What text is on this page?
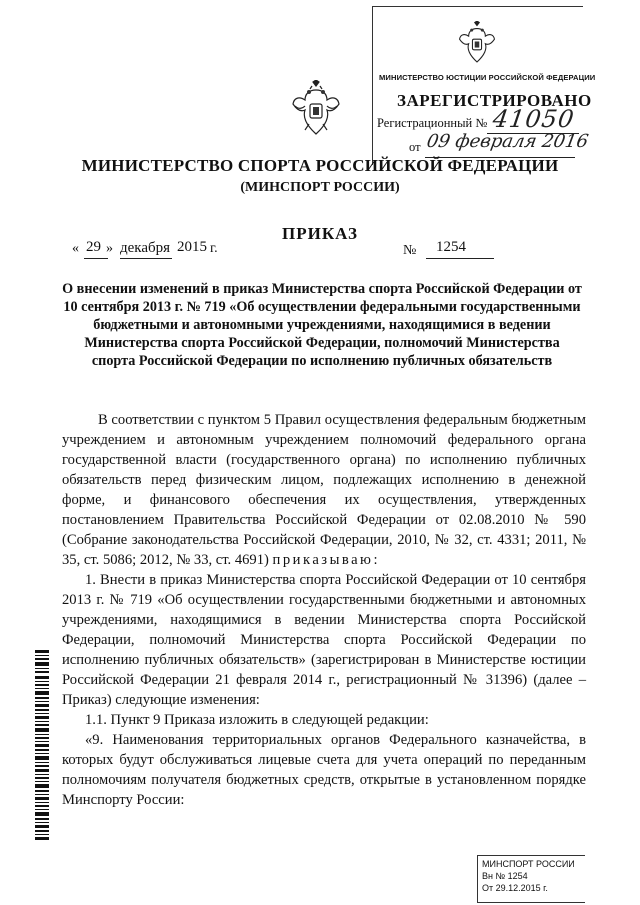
МИНИСТЕРСТВО ЮСТИЦИИ РОССИЙСКОЙ ФЕДЕРАЦИИ
ЗАРЕГИСТРИРОВАНО
Регистрационный № 41050
от 09 февраля 2016
МИНИСТЕРСТВО СПОРТА РОССИЙСКОЙ ФЕДЕРАЦИИ
(МИНСПОРТ РОССИИ)
ПРИКАЗ
« 29 » декабря 2015 г.	№ 1254
О внесении изменений в приказ Министерства спорта Российской Федерации от 10 сентября 2013 г. № 719 «Об осуществлении федеральными государственными бюджетными и автономными учреждениями, находящимися в ведении Министерства спорта Российской Федерации, полномочий Министерства спорта Российской Федерации по исполнению публичных обязательств

В соответствии с пунктом 5 Правил осуществления федеральным бюджетным учреждением и автономным учреждением полномочий федерального органа государственной власти (государственного органа) по исполнению публичных обязательств перед физическим лицом, подлежащих исполнению в денежной форме, и финансового обеспечения их осуществления, утвержденных постановлением Правительства Российской Федерации от 02.08.2010 № 590 (Собрание законодательства Российской Федерации, 2010, № 32, ст. 4331; 2011, № 35, ст. 5086; 2012, № 33, ст. 4691) приказываю:

1. Внести в приказ Министерства спорта Российской Федерации от 10 сентября 2013 г. № 719 «Об осуществлении государственными бюджетными и автономных учреждениями, находящимися в ведении Министерства спорта Российской Федерации, полномочий Министерства спорта Российской Федерации по исполнению публичных обязательств» (зарегистрирован в Министерстве юстиции Российской Федерации 21 февраля 2014 г., регистрационный № 31396) (далее – Приказ) следующие изменения:

1.1. Пункт 9 Приказа изложить в следующей редакции:

«9. Наименования территориальных органов Федерального казначейства, в которых будут обслуживаться лицевые счета для учета операций по переданным полномочиям получателя бюджетных средств, открытые в установленном порядке Минспорту России:

МИНСПОРТ РОССИИ
Вн № 1254
От 29.12.2015 г.
